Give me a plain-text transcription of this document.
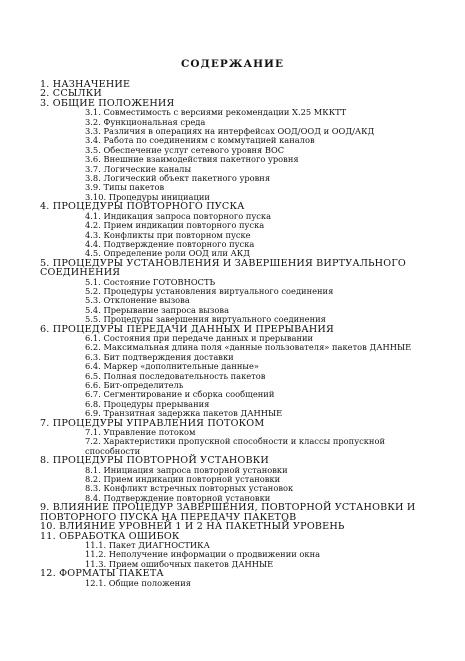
СОДЕРЖАНИЕ
1. НАЗНАЧЕНИЕ
2. ССЫЛКИ
3. ОБЩИЕ ПОЛОЖЕНИЯ
3.1. Совместимость с версиями рекомендации X.25 МККТТ
3.2. Функциональная среда
3.3. Различия в операциях на интерфейсах ООД/ООД и ООД/АКД
3.4. Работа по соединениям с коммутацией каналов
3.5. Обеспечение услуг сетевого уровня ВОС
3.6. Внешние взаимодействия пакетного уровня
3.7. Логические каналы
3.8. Логический объект пакетного уровня
3.9. Типы пакетов
3.10. Процедуры инициации
4. ПРОЦЕДУРЫ ПОВТОРНОГО ПУСКА
4.1. Индикация запроса повторного пуска
4.2. Прием индикации повторного пуска
4.3. Конфликты при повторном пуске
4.4. Подтверждение повторного пуска
4.5. Определение роли ООД или АКД
5. ПРОЦЕДУРЫ УСТАНОВЛЕНИЯ И ЗАВЕРШЕНИЯ ВИРТУАЛЬНОГО СОЕДИНЕНИЯ
5.1. Состояние ГОТОВНОСТЬ
5.2. Процедуры установления виртуального соединения
5.3. Отклонение вызова
5.4. Прерывание запроса вызова
5.5. Процедуры завершения виртуального соединения
6. ПРОЦЕДУРЫ ПЕРЕДАЧИ ДАННЫХ И ПРЕРЫВАНИЯ
6.1. Состояния при передаче данных и прерывании
6.2. Максимальная длина поля «данные пользователя» пакетов ДАННЫЕ
6.3. Бит подтверждения доставки
6.4. Маркер «дополнительные данные»
6.5. Полная последовательность пакетов
6.6. Бит-определитель
6.7. Сегментирование и сборка сообщений
6.8. Процедуры прерывания
6.9. Транзитная задержка пакетов ДАННЫЕ
7. ПРОЦЕДУРЫ УПРАВЛЕНИЯ ПОТОКОМ
7.1. Управление потоком
7.2. Характеристики пропускной способности и классы пропускной способности
8. ПРОЦЕДУРЫ ПОВТОРНОЙ УСТАНОВКИ
8.1. Инициация запроса повторной установки
8.2. Прием индикации повторной установки
8.3. Конфликт встречных повторных установок
8.4. Подтверждение повторной установки
9. ВЛИЯНИЕ ПРОЦЕДУР ЗАВЕРШЕНИЯ, ПОВТОРНОЙ УСТАНОВКИ И ПОВТОРНОГО ПУСКА НА ПЕРЕДАЧУ ПАКЕТОВ
10. ВЛИЯНИЕ УРОВНЕЙ 1 И 2 НА ПАКЕТНЫЙ УРОВЕНЬ
11. ОБРАБОТКА ОШИБОК
11.1. Пакет ДИАГНОСТИКА
11.2. Неполучение информации о продвижении окна
11.3. Прием ошибочных пакетов ДАННЫЕ
12. ФОРМАТЫ ПАКЕТА
12.1. Общие положения
